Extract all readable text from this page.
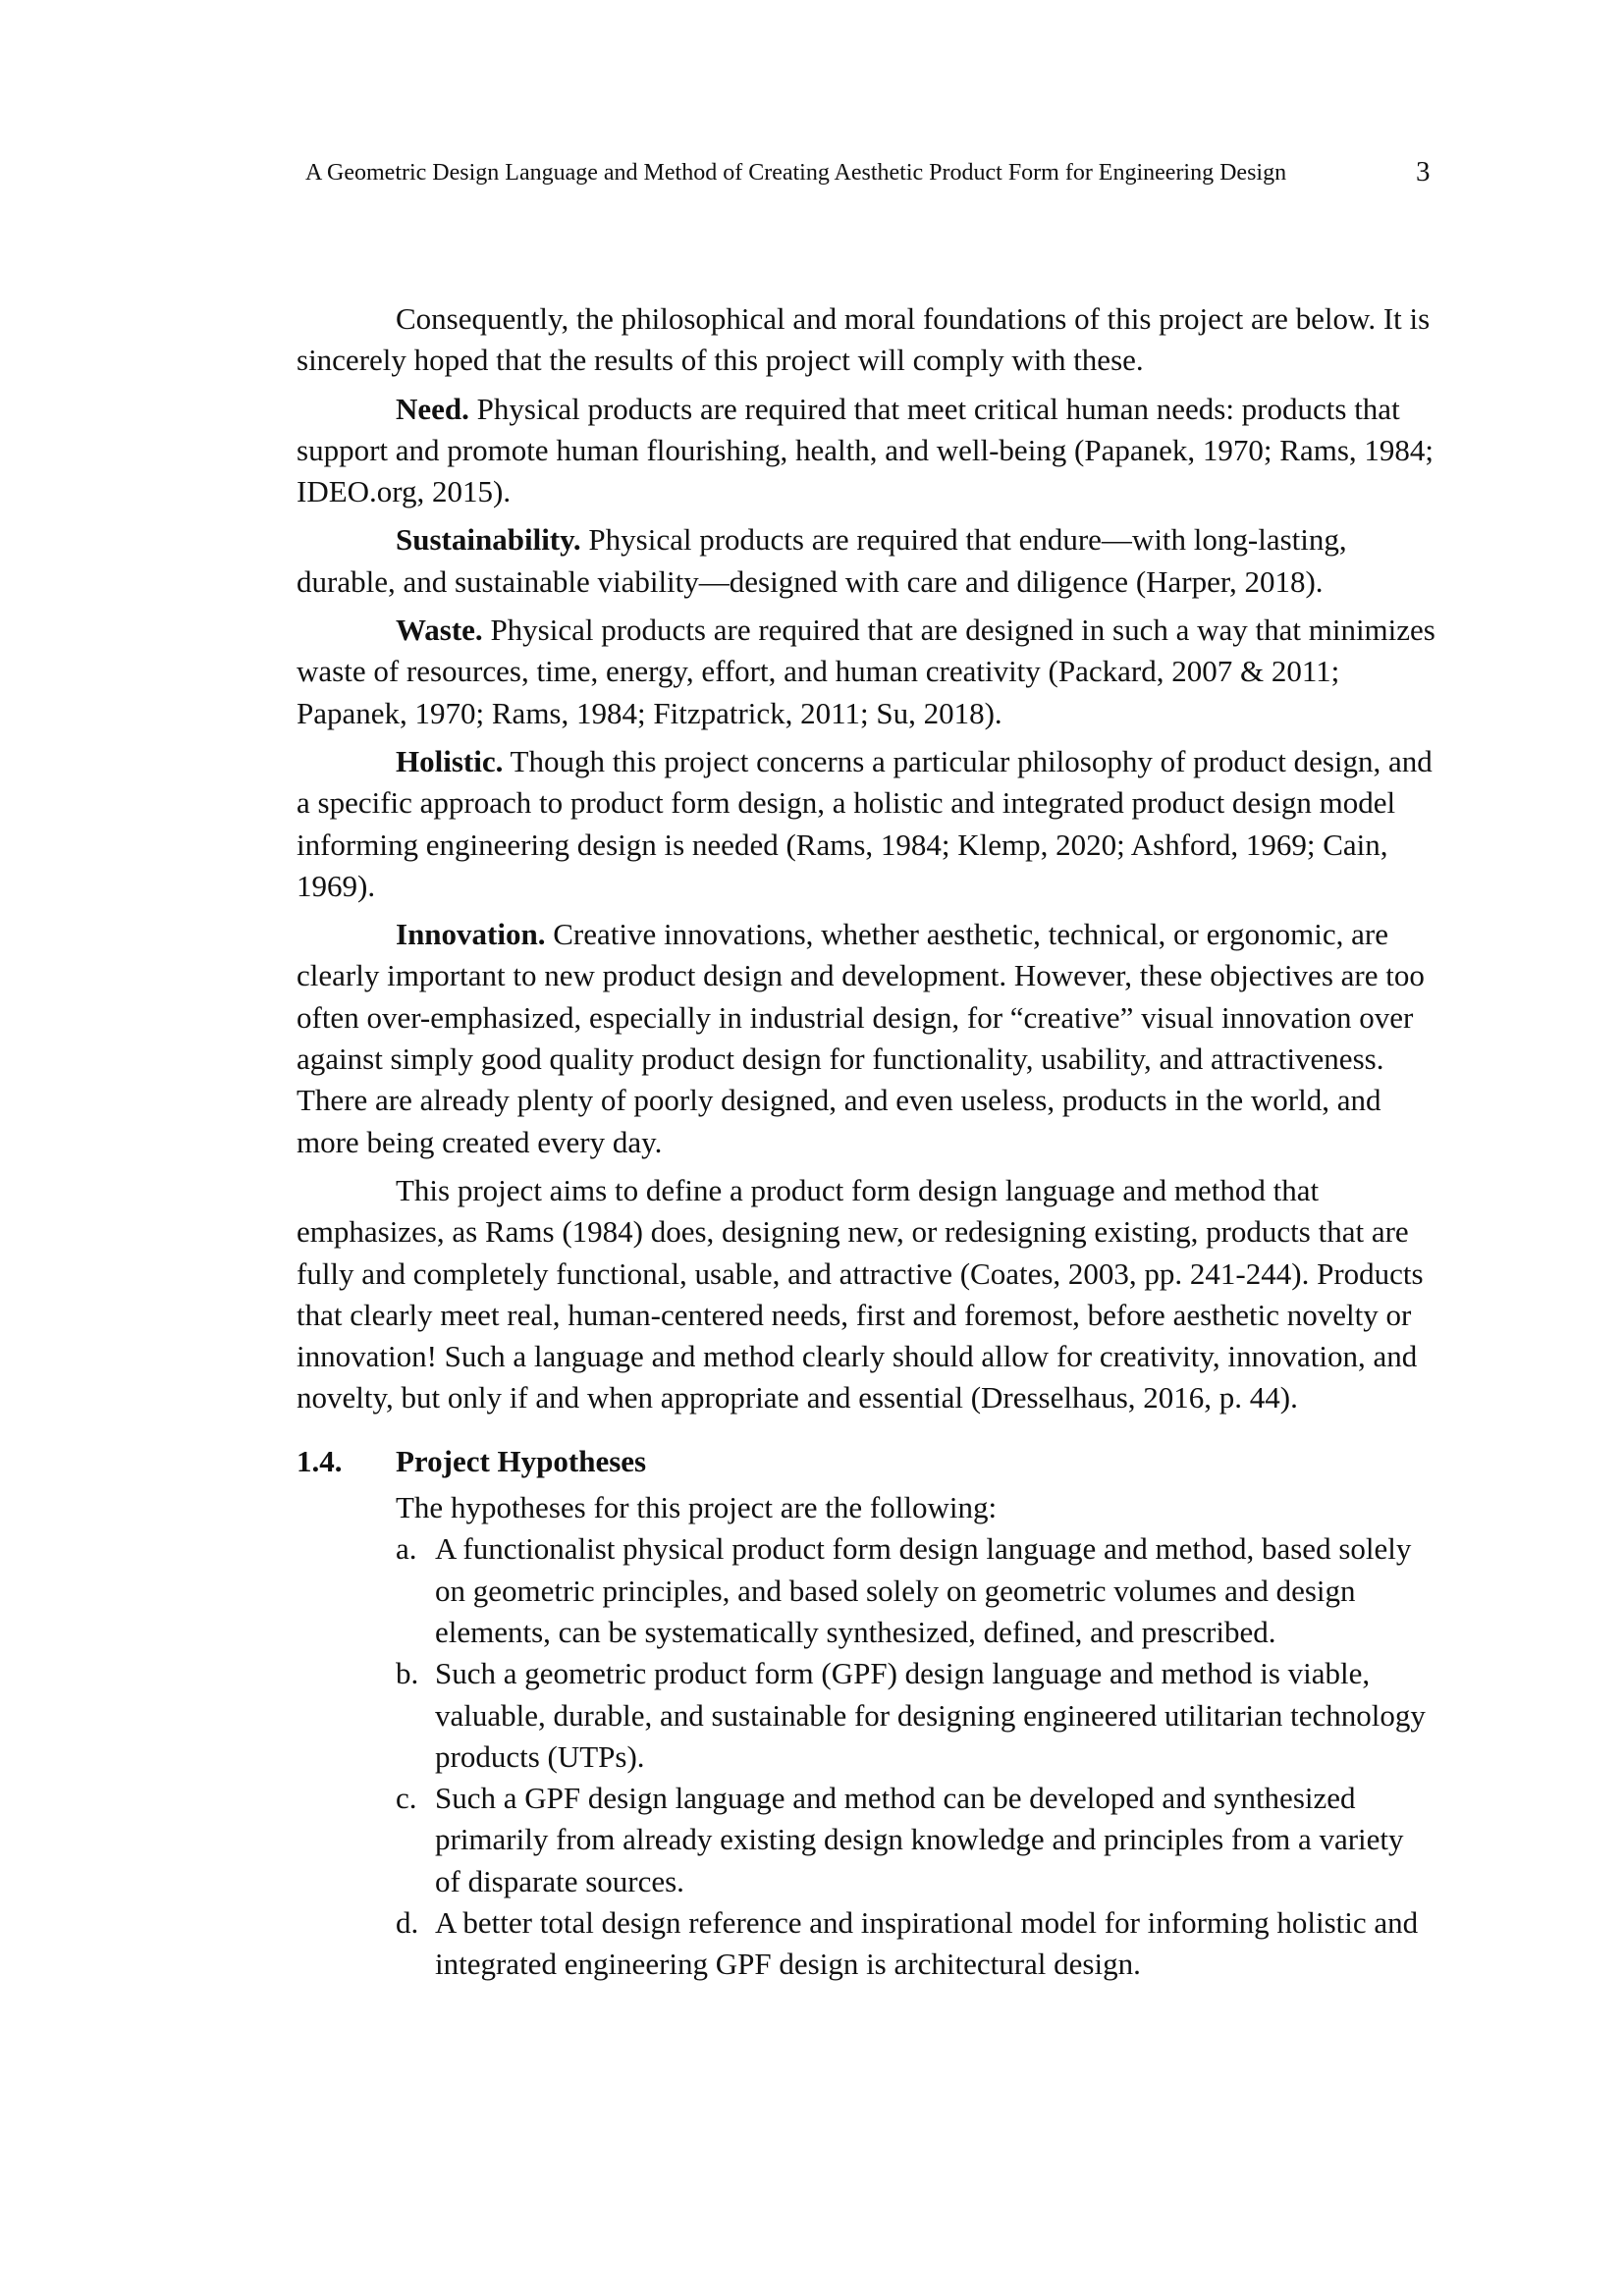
A Geometric Design Language and Method of Creating Aesthetic Product Form for Engineering Design	3

Consequently, the philosophical and moral foundations of this project are below. It is sincerely hoped that the results of this project will comply with these.

Need. Physical products are required that meet critical human needs: products that support and promote human flourishing, health, and well-being (Papanek, 1970; Rams, 1984; IDEO.org, 2015).

Sustainability. Physical products are required that endure—with long-lasting, durable, and sustainable viability—designed with care and diligence (Harper, 2018).

Waste. Physical products are required that are designed in such a way that minimizes waste of resources, time, energy, effort, and human creativity (Packard, 2007 & 2011; Papanek, 1970; Rams, 1984; Fitzpatrick, 2011; Su, 2018).

Holistic. Though this project concerns a particular philosophy of product design, and a specific approach to product form design, a holistic and integrated product design model informing engineering design is needed (Rams, 1984; Klemp, 2020; Ashford, 1969; Cain, 1969).

Innovation. Creative innovations, whether aesthetic, technical, or ergonomic, are clearly important to new product design and development. However, these objectives are too often over-emphasized, especially in industrial design, for “creative” visual innovation over against simply good quality product design for functionality, usability, and attractiveness. There are already plenty of poorly designed, and even useless, products in the world, and more being created every day.

This project aims to define a product form design language and method that emphasizes, as Rams (1984) does, designing new, or redesigning existing, products that are fully and completely functional, usable, and attractive (Coates, 2003, pp. 241-244). Products that clearly meet real, human-centered needs, first and foremost, before aesthetic novelty or innovation! Such a language and method clearly should allow for creativity, innovation, and novelty, but only if and when appropriate and essential (Dresselhaus, 2016, p. 44).

1.4.	Project Hypotheses
The hypotheses for this project are the following:
a. A functionalist physical product form design language and method, based solely on geometric principles, and based solely on geometric volumes and design elements, can be systematically synthesized, defined, and prescribed.
b. Such a geometric product form (GPF) design language and method is viable, valuable, durable, and sustainable for designing engineered utilitarian technology products (UTPs).
c. Such a GPF design language and method can be developed and synthesized primarily from already existing design knowledge and principles from a variety of disparate sources.
d. A better total design reference and inspirational model for informing holistic and integrated engineering GPF design is architectural design.
